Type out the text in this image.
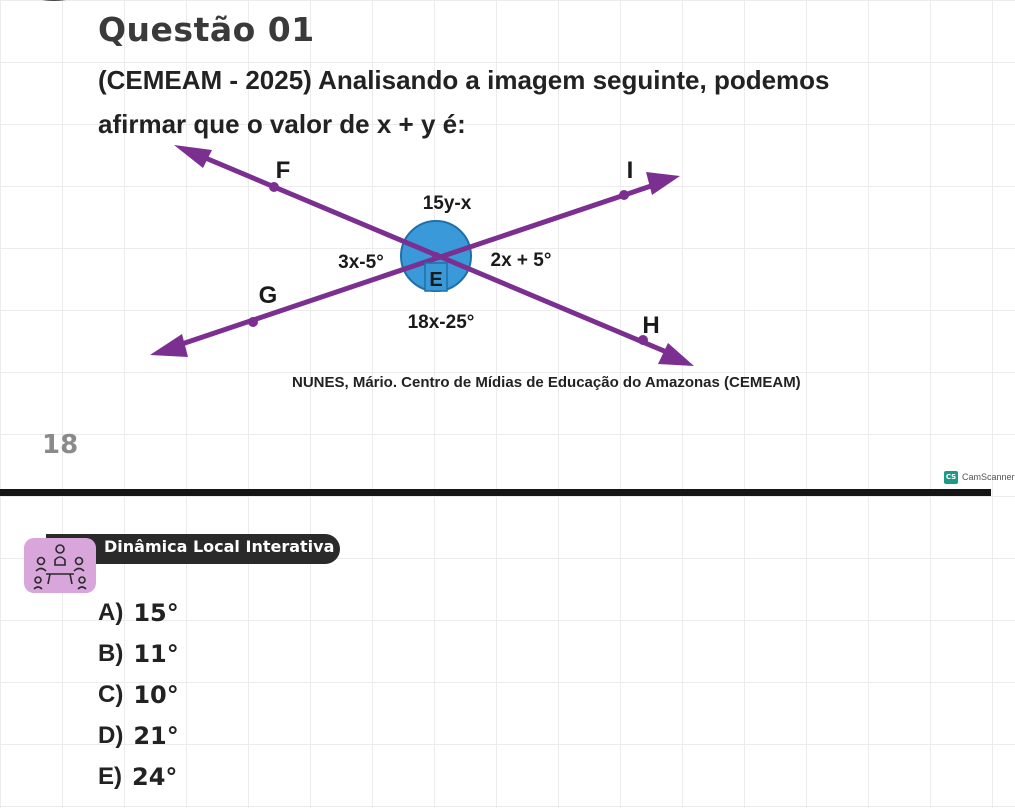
Questão 01
(CEMEAM - 2025) Analisando a imagem seguinte, podemos
afirmar que o valor de x + y é:
E
F	I
G
H
15y-x
3x-5°	2x + 5°
18x-25°
NUNES, Mário. Centro de Mídias de Educação do Amazonas (CEMEAM)
18
CS CamScanner
Dinâmica Local Interativa
A) 15°
B) 11°
C) 10°
D) 21°
E) 24°
